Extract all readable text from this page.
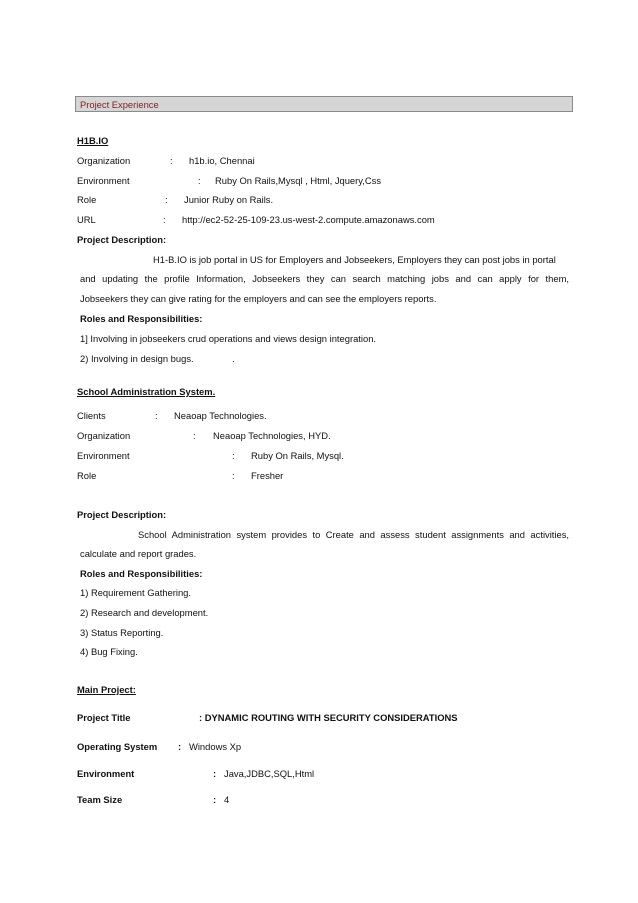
Project Experience
H1B.IO
Organization	: h1b.io, Chennai
Environment	: Ruby On Rails,Mysql , Html, Jquery,Css
Role	: Junior Ruby on Rails.
URL	: http://ec2-52-25-109-23.us-west-2.compute.amazonaws.com
Project Description:
H1-B.IO is job portal in US for Employers and Jobseekers, Employers they can post jobs in portal
and updating the profile Information, Jobseekers they can search matching jobs and can apply for them,
Jobseekers they can give rating for the employers and can see the employers reports.
Roles and Responsibilities:
1] Involving in jobseekers crud operations and views design integration.
2) Involving in design bugs.	.
School Administration System.
Clients	: Neaoap Technologies.
Organization	: Neaoap Technologies, HYD.
Environment	: Ruby On Rails, Mysql.
Role	: Fresher
Project Description:
School Administration system provides to Create and assess student assignments and activities,
calculate and report grades.
Roles and Responsibilities:
1) Requirement Gathering.
2) Research and development.
3) Status Reporting.
4) Bug Fixing.
Main Project:
Project Title	: DYNAMIC ROUTING WITH SECURITY CONSIDERATIONS
Operating System : Windows Xp
Environment	: Java,JDBC,SQL,Html
Team Size	: 4
